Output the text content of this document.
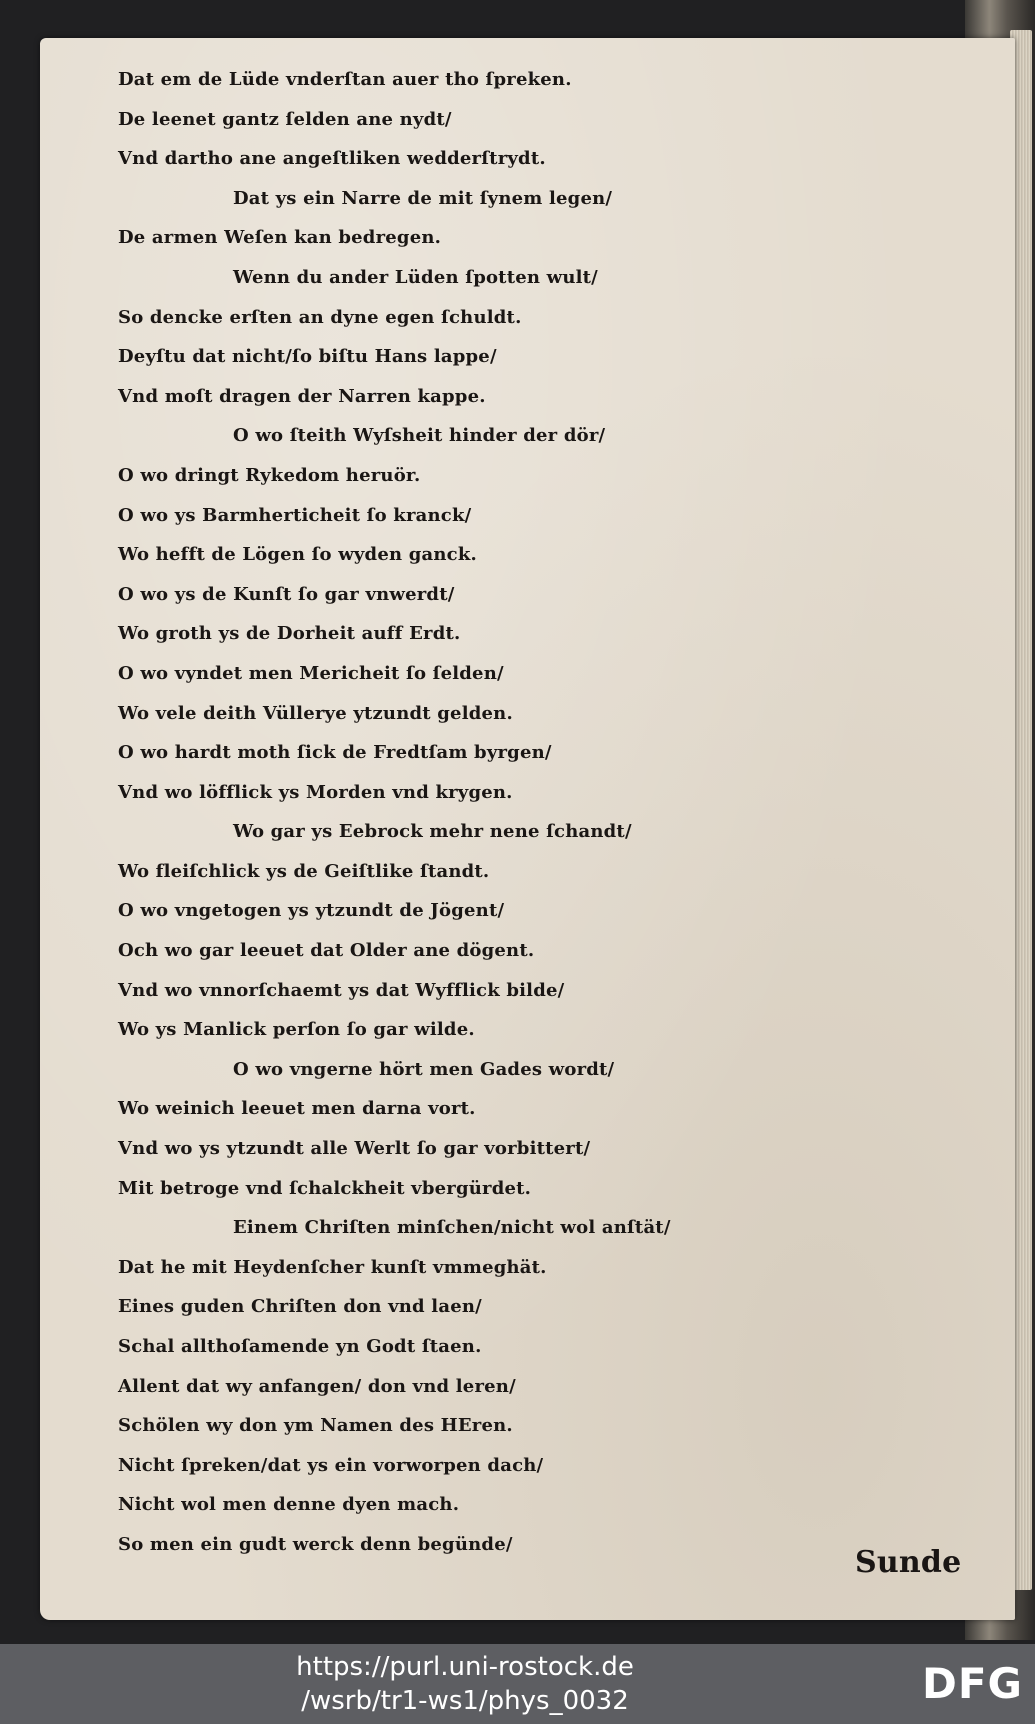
Dat em de Lüde vnderſtan auer tho ſpreken.
De leenet gantz ſelden ane nydt/
Vnd dartho ane angeſtliken wedderſtrydt.
Dat ys ein Narre de mit ſynem legen/
De armen Weſen kan bedregen.
Wenn du ander Lüden ſpotten wult/
So dencke erſten an dyne egen ſchuldt.
Deyſtu dat nicht/ſo biſtu Hans lappe/
Vnd moſt dragen der Narren kappe.
O wo ſteith Wyſsheit hinder der dör/
O wo dringt Rykedom heruör.
O wo ys Barmherticheit ſo kranck/
Wo hefft de Lögen ſo wyden ganck.
O wo ys de Kunſt ſo gar vnwerdt/
Wo groth ys de Dorheit auff Erdt.
O wo vyndet men Mericheit ſo ſelden/
Wo vele deith Vüllerye ytzundt gelden.
O wo hardt moth ſick de Fredtſam byrgen/
Vnd wo löfflick ys Morden vnd krygen.
Wo gar ys Eebrock mehr nene ſchandt/
Wo fleiſchlick ys de Geiſtlike ſtandt.
O wo vngetogen ys ytzundt de Jögent/
Och wo gar leeuet dat Older ane dögent.
Vnd wo vnnorſchaemt ys dat Wyfflick bilde/
Wo ys Manlick perſon ſo gar wilde.
O wo vngerne hört men Gades wordt/
Wo weinich leeuet men darna vort.
Vnd wo ys ytzundt alle Werlt ſo gar vorbittert/
Mit betroge vnd ſchalckheit vbergürdet.
Einem Chriſten minſchen/nicht wol anſtät/
Dat he mit Heydenſcher kunſt vmmeghät.
Eines guden Chriſten don vnd laen/
Schal allthoſamende yn Godt ſtaen.
Allent dat wy anfangen/ don vnd leren/
Schölen wy don ym Namen des HEren.
Nicht ſpreken/dat ys ein vorworpen dach/
Nicht wol men denne dyen mach.
So men ein gudt werck denn begünde/
Sunde
https://purl.uni-rostock.de
/wsrb/tr1-ws1/phys_0032	DFG
